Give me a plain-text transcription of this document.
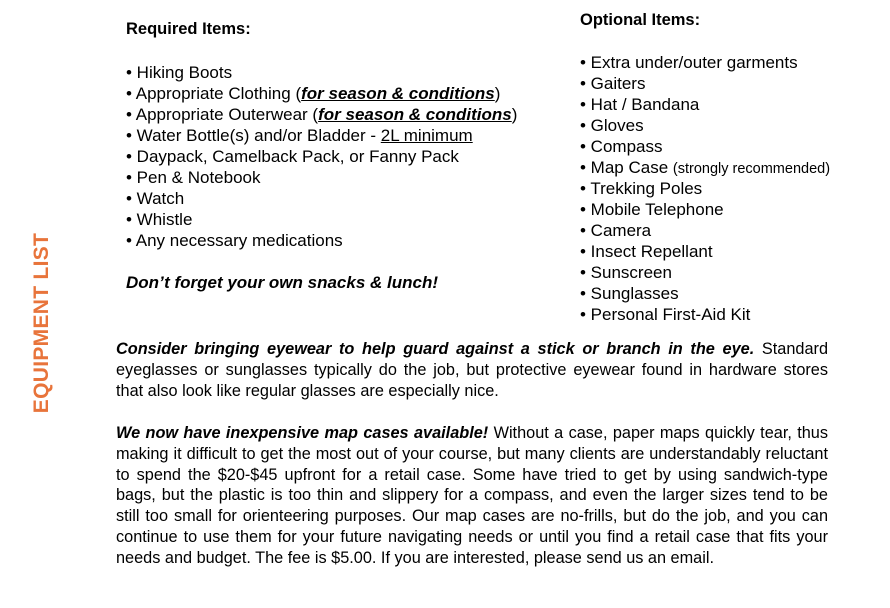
EQUIPMENT LIST
Required Items:
• Hiking Boots
• Appropriate Clothing (for season & conditions)
• Appropriate Outerwear (for season & conditions)
• Water Bottle(s) and/or Bladder - 2L minimum
• Daypack, Camelback Pack, or Fanny Pack
• Pen & Notebook
• Watch
• Whistle
• Any necessary medications
Don’t forget your own snacks & lunch!
Optional Items:
• Extra under/outer garments
• Gaiters
• Hat / Bandana
• Gloves
• Compass
• Map Case (strongly recommended)
• Trekking Poles
• Mobile Telephone
• Camera
• Insect Repellant
• Sunscreen
• Sunglasses
• Personal First-Aid Kit

Consider bringing eyewear to help guard against a stick or branch in the eye. Standard eyeglasses or sunglasses typically do the job, but protective eyewear found in hardware stores that also look like regular glasses are especially nice.

We now have inexpensive map cases available! Without a case, paper maps quickly tear, thus making it difficult to get the most out of your course, but many clients are understandably reluctant to spend the $20-$45 upfront for a retail case. Some have tried to get by using sandwich-type bags, but the plastic is too thin and slippery for a compass, and even the larger sizes tend to be still too small for orienteering purposes. Our map cases are no-frills, but do the job, and you can continue to use them for your future navigating needs or until you find a retail case that fits your needs and budget. The fee is $5.00. If you are interested, please send us an email.
